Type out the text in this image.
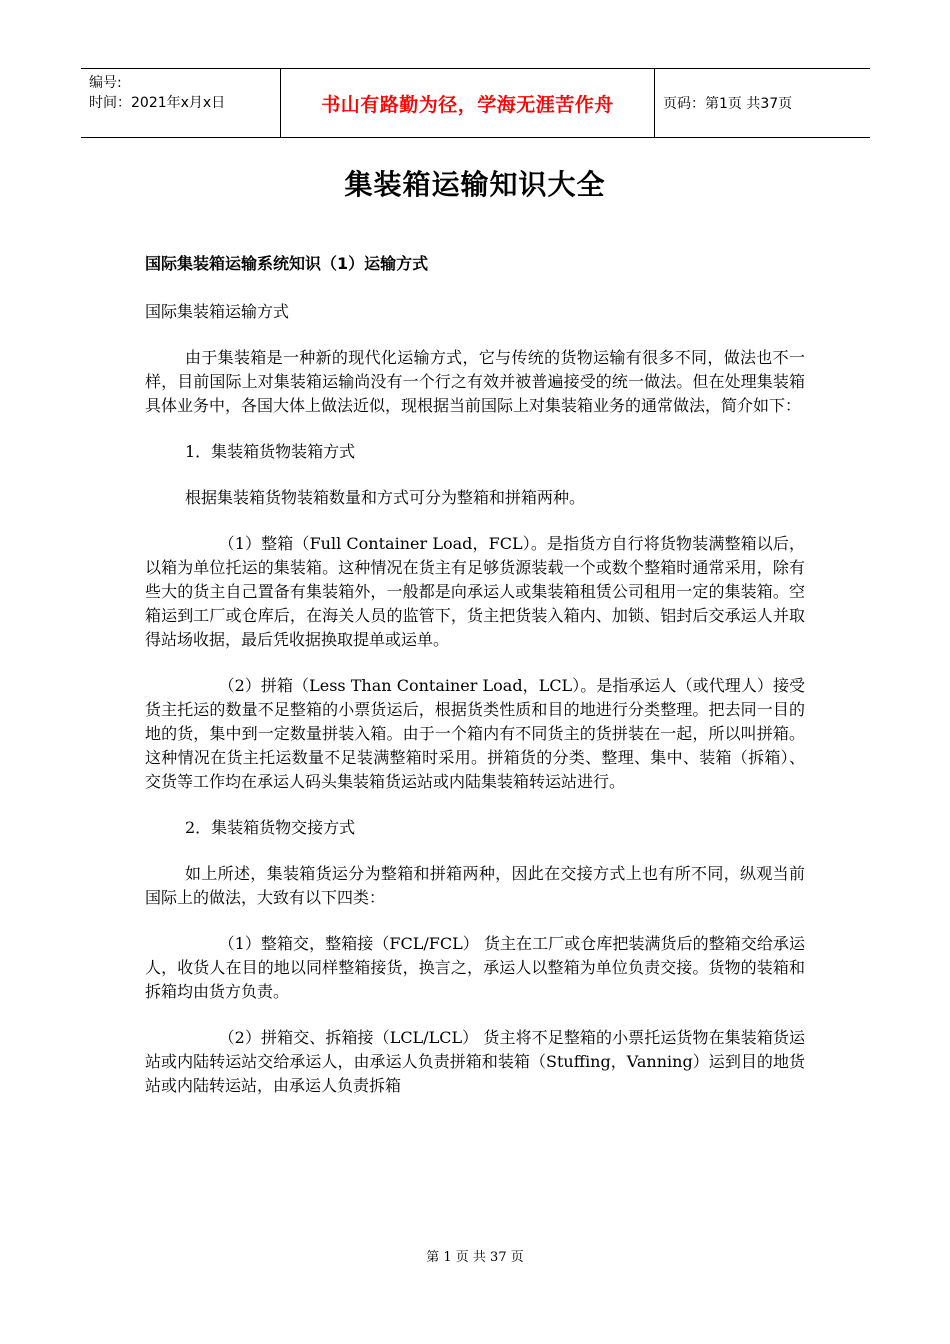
编号:
时间：2021年x月x日	书山有路勤为径，学海无涯苦作舟	页码：第1页 共37页
集装箱运输知识大全

国际集装箱运输系统知识（1）运输方式

国际集装箱运输方式

由于集装箱是一种新的现代化运输方式，它与传统的货物运输有很多不同，做法也不一样，目前国际上对集装箱运输尚没有一个行之有效并被普遍接受的统一做法。但在处理集装箱具体业务中，各国大体上做法近似，现根据当前国际上对集装箱业务的通常做法，简介如下：

1．集装箱货物装箱方式

根据集装箱货物装箱数量和方式可分为整箱和拼箱两种。

（1）整箱（Full Container Load，FCL）。是指货方自行将货物装满整箱以后，以箱为单位托运的集装箱。这种情况在货主有足够货源装载一个或数个整箱时通常采用，除有些大的货主自己置备有集装箱外，一般都是向承运人或集装箱租赁公司租用一定的集装箱。空箱运到工厂或仓库后，在海关人员的监管下，货主把货装入箱内、加锁、铝封后交承运人并取得站场收据，最后凭收据换取提单或运单。

（2）拼箱（Less Than Container Load，LCL）。是指承运人（或代理人）接受货主托运的数量不足整箱的小票货运后，根据货类性质和目的地进行分类整理。把去同一目的地的货，集中到一定数量拼装入箱。由于一个箱内有不同货主的货拼装在一起，所以叫拼箱。这种情况在货主托运数量不足装满整箱时采用。拼箱货的分类、整理、集中、装箱（拆箱）、交货等工作均在承运人码头集装箱货运站或内陆集装箱转运站进行。

2．集装箱货物交接方式

如上所述，集装箱货运分为整箱和拼箱两种，因此在交接方式上也有所不同，纵观当前国际上的做法，大致有以下四类：

（1）整箱交，整箱接（FCL/FCL） 货主在工厂或仓库把装满货后的整箱交给承运人，收货人在目的地以同样整箱接货，换言之，承运人以整箱为单位负责交接。货物的装箱和拆箱均由货方负责。

（2）拼箱交、拆箱接（LCL/LCL） 货主将不足整箱的小票托运货物在集装箱货运站或内陆转运站交给承运人，由承运人负责拼箱和装箱（Stuffing，Vanning）运到目的地货站或内陆转运站，由承运人负责拆箱

第 1 页 共 37 页
